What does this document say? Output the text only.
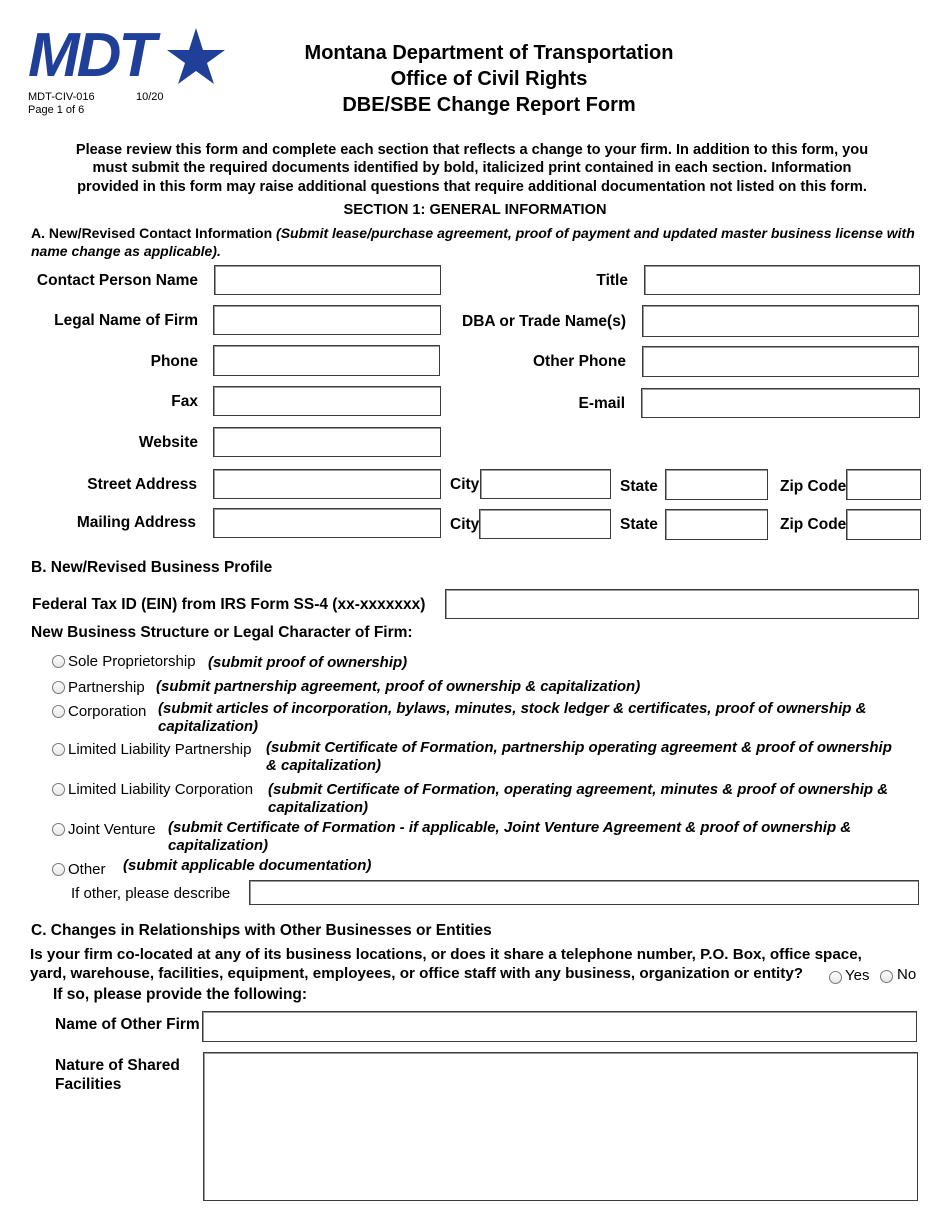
MDT
MDT-CIV-016	10/20
Page 1 of 6
Montana Department of Transportation
Office of Civil Rights
DBE/SBE Change Report Form
Please review this form and complete each section that reflects a change to your firm. In addition to this form, you
must submit the required documents identified by bold, italicized print contained in each section. Information
provided in this form may raise additional questions that require additional documentation not listed on this form.
SECTION 1: GENERAL INFORMATION
A. New/Revised Contact Information (Submit lease/purchase agreement, proof of payment and updated master business license with
name change as applicable).
Contact Person Name	Title
Legal Name of Firm	DBA or Trade Name(s)
Phone	Other Phone
Fax	E-mail
Website
Street Address	City	State	Zip Code
Mailing Address	City	State	Zip Code
B. New/Revised Business Profile
Federal Tax ID (EIN) from IRS Form SS-4 (xx-xxxxxxx)
New Business Structure or Legal Character of Firm:
Sole Proprietorship (submit proof of ownership)
Partnership (submit partnership agreement, proof of ownership & capitalization)
Corporation (submit articles of incorporation, bylaws, minutes, stock ledger & certificates, proof of ownership &
capitalization)
Limited Liability Partnership (submit Certificate of Formation, partnership operating agreement & proof of ownership
& capitalization)
Limited Liability Corporation (submit Certificate of Formation, operating agreement, minutes & proof of ownership &
capitalization)
Joint Venture (submit Certificate of Formation - if applicable, Joint Venture Agreement & proof of ownership &
capitalization)
Other (submit applicable documentation)
If other, please describe
C. Changes in Relationships with Other Businesses or Entities
Is your firm co-located at any of its business locations, or does it share a telephone number, P.O. Box, office space,
yard, warehouse, facilities, equipment, employees, or office staff with any business, organization or entity?	Yes No
If so, please provide the following:
Name of Other Firm
Nature of Shared
Facilities
